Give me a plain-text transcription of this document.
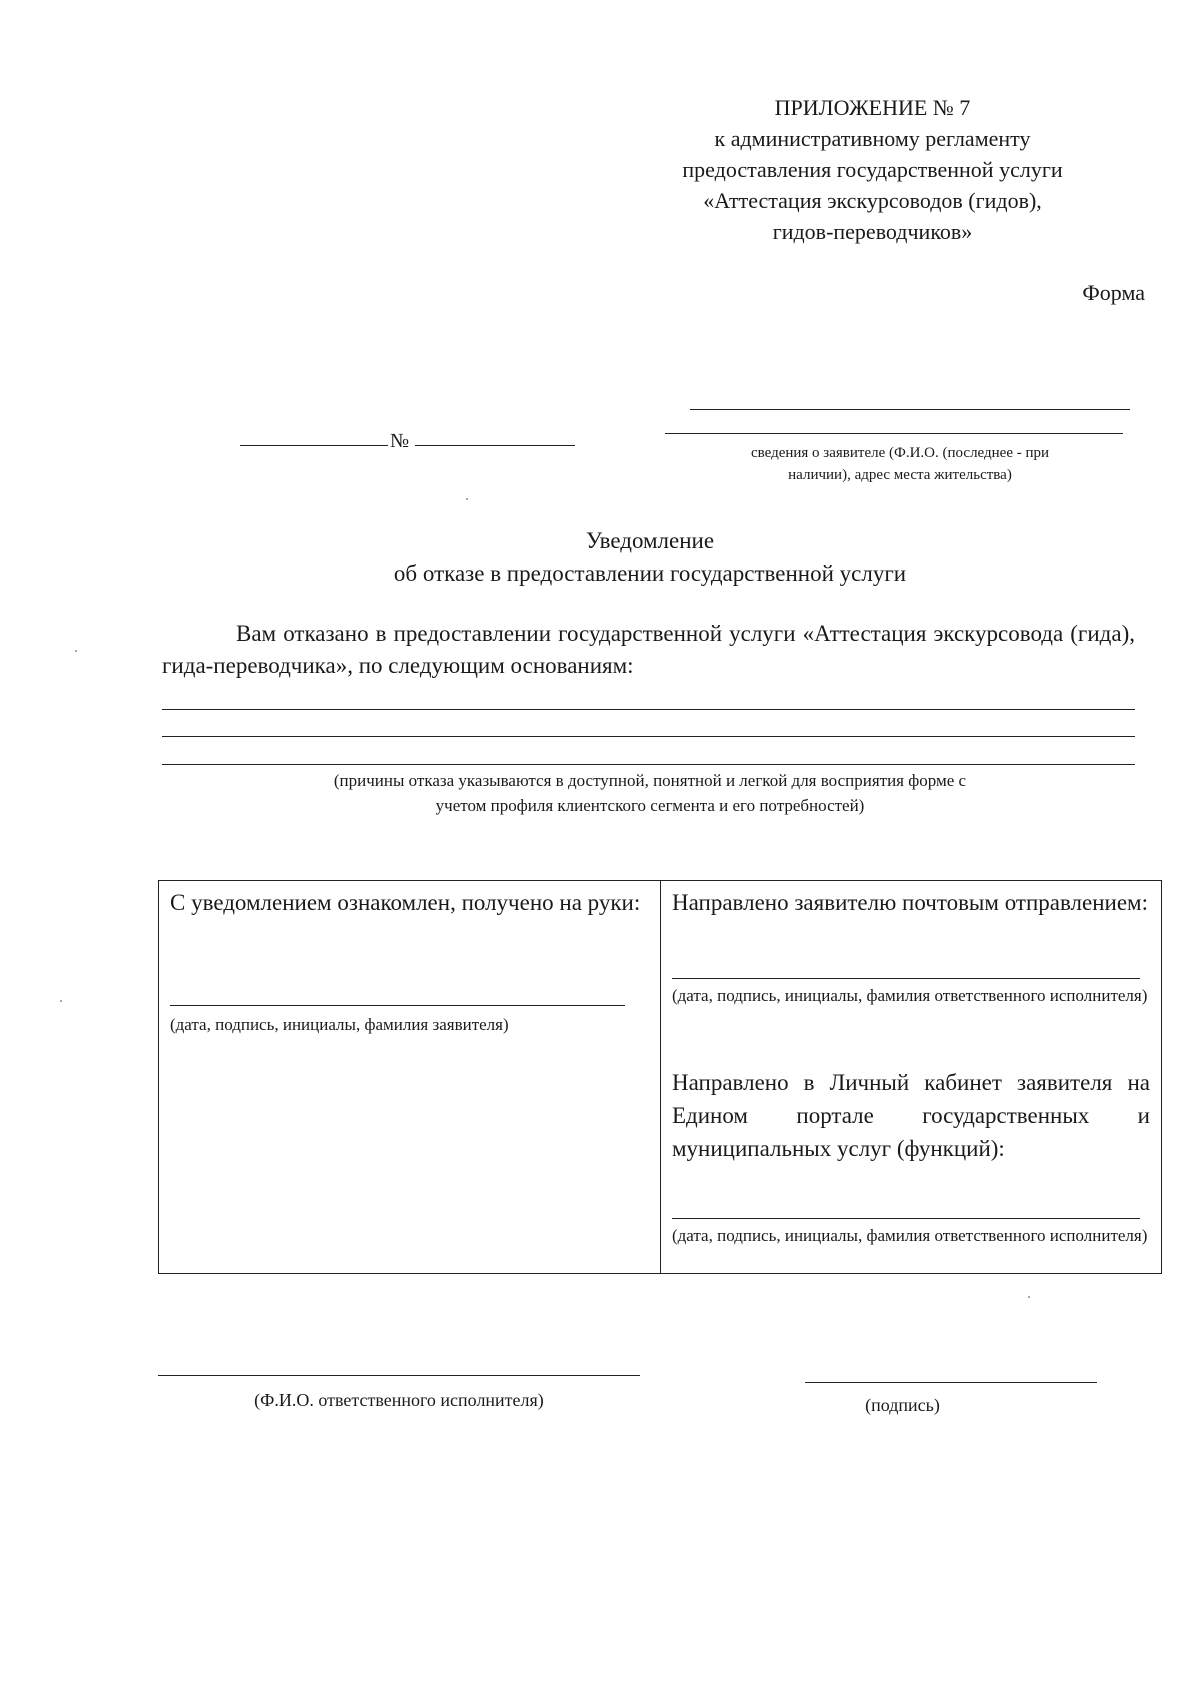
ПРИЛОЖЕНИЕ № 7
к административному регламенту
предоставления государственной услуги
«Аттестация экскурсоводов (гидов),
гидов-переводчиков»
Форма
№
сведения о заявителе (Ф.И.О. (последнее - при
наличии), адрес места жительства)
Уведомление
об отказе в предоставлении государственной услуги
Вам отказано в предоставлении государственной услуги «Аттестация экскурсовода (гида), гида-переводчика», по следующим основаниям:
(причины отказа указываются в доступной, понятной и легкой для восприятия форме с
учетом профиля клиентского сегмента и его потребностей)
С уведомлением ознакомлен, получено на руки:
(дата, подпись, инициалы, фамилия заявителя)
Направлено заявителю почтовым отправлением:
(дата, подпись, инициалы, фамилия ответственного исполнителя)
Направлено в Личный кабинет заявителя на Едином портале государственных и муниципальных услуг (функций):
(дата, подпись, инициалы, фамилия ответственного исполнителя)
(Ф.И.О. ответственного исполнителя)	(подпись)
